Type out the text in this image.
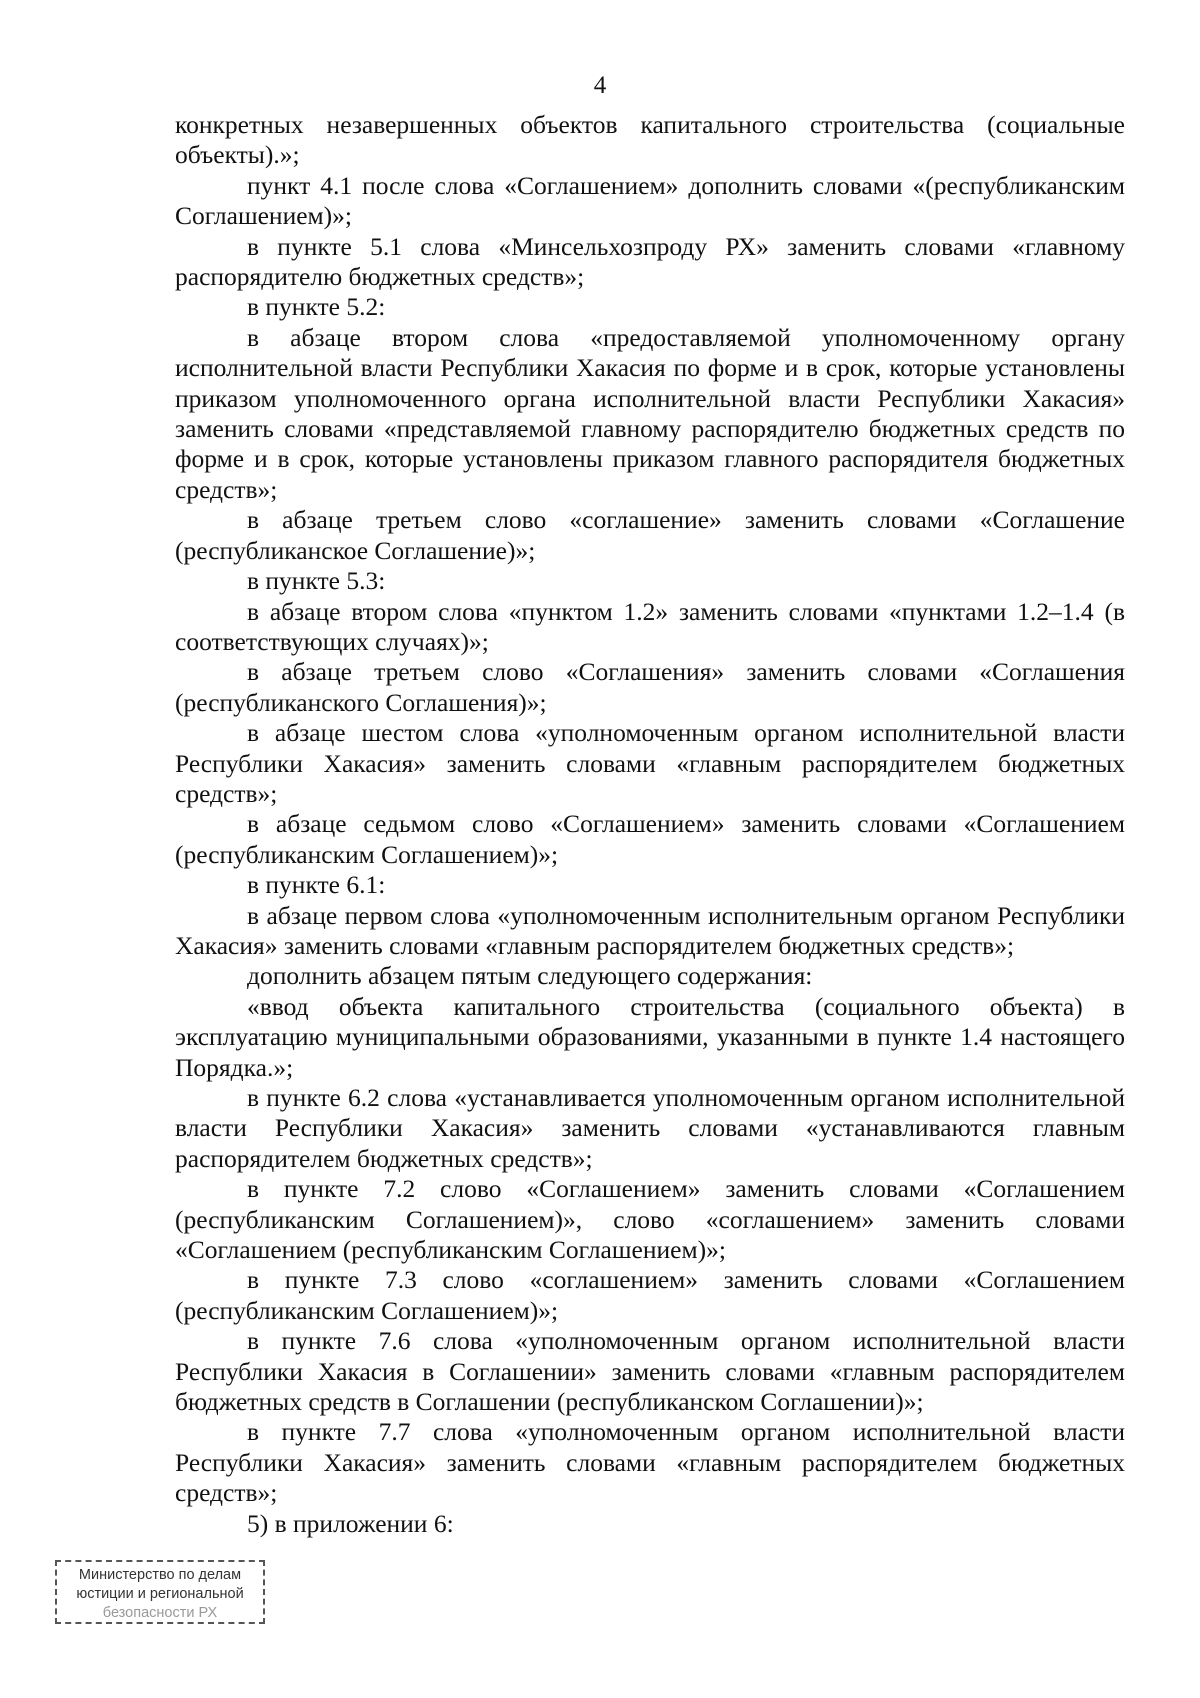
4

конкретных незавершенных объектов капитального строительства (социальные объекты).»;

пункт 4.1 после слова «Соглашением» дополнить словами «(республиканским Соглашением)»;

в пункте 5.1 слова «Минсельхозпроду РХ» заменить словами «главному распорядителю бюджетных средств»;

в пункте 5.2:

в абзаце втором слова «предоставляемой уполномоченному органу исполнительной власти Республики Хакасия по форме и в срок, которые установлены приказом уполномоченного органа исполнительной власти Республики Хакасия» заменить словами «представляемой главному распорядителю бюджетных средств по форме и в срок, которые установлены приказом главного распорядителя бюджетных средств»;

в абзаце третьем слово «соглашение» заменить словами «Соглашение (республиканское Соглашение)»;

в пункте 5.3:

в абзаце втором слова «пунктом 1.2» заменить словами «пунктами 1.2–1.4 (в соответствующих случаях)»;

в абзаце третьем слово «Соглашения» заменить словами «Соглашения (республиканского Соглашения)»;

в абзаце шестом слова «уполномоченным органом исполнительной власти Республики Хакасия» заменить словами «главным распорядителем бюджетных средств»;

в абзаце седьмом слово «Соглашением» заменить словами «Соглашением (республиканским Соглашением)»;

в пункте 6.1:

в абзаце первом слова «уполномоченным исполнительным органом Республики Хакасия» заменить словами «главным распорядителем бюджетных средств»;

дополнить абзацем пятым следующего содержания:

«ввод объекта капитального строительства (социального объекта) в эксплуатацию муниципальными образованиями, указанными в пункте 1.4 настоящего Порядка.»;

в пункте 6.2 слова «устанавливается уполномоченным органом исполнительной власти Республики Хакасия» заменить словами «устанавливаются главным распорядителем бюджетных средств»;

в пункте 7.2 слово «Соглашением» заменить словами «Соглашением (республиканским Соглашением)», слово «соглашением» заменить словами «Соглашением (республиканским Соглашением)»;

в пункте 7.3 слово «соглашением» заменить словами «Соглашением (республиканским Соглашением)»;

в пункте 7.6 слова «уполномоченным органом исполнительной власти Республики Хакасия в Соглашении» заменить словами «главным распорядителем бюджетных средств в Соглашении (республиканском Соглашении)»;

в пункте 7.7 слова «уполномоченным органом исполнительной власти Республики Хакасия» заменить словами «главным распорядителем бюджетных средств»;

5) в приложении 6:

Министерство по делам
юстиции и региональной
безопасности РХ
